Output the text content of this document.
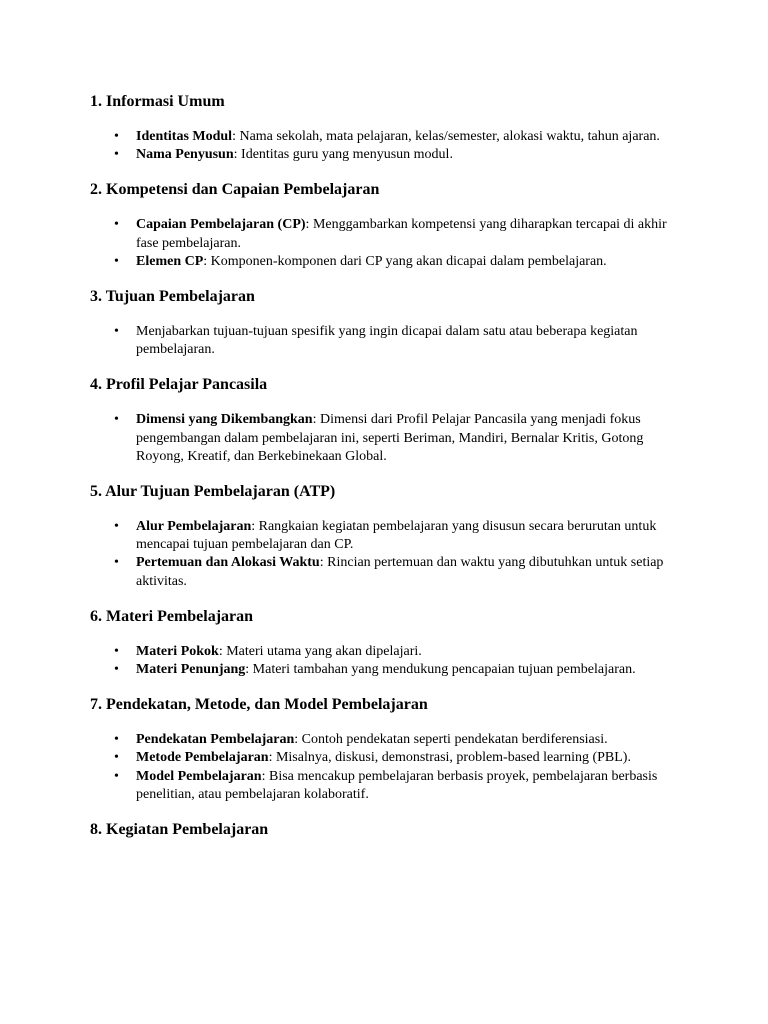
1. Informasi Umum
• Identitas Modul: Nama sekolah, mata pelajaran, kelas/semester, alokasi waktu, tahun ajaran.
• Nama Penyusun: Identitas guru yang menyusun modul.
2. Kompetensi dan Capaian Pembelajaran
• Capaian Pembelajaran (CP): Menggambarkan kompetensi yang diharapkan tercapai di akhir fase pembelajaran.
• Elemen CP: Komponen-komponen dari CP yang akan dicapai dalam pembelajaran.
3. Tujuan Pembelajaran
• Menjabarkan tujuan-tujuan spesifik yang ingin dicapai dalam satu atau beberapa kegiatan pembelajaran.
4. Profil Pelajar Pancasila
• Dimensi yang Dikembangkan: Dimensi dari Profil Pelajar Pancasila yang menjadi fokus pengembangan dalam pembelajaran ini, seperti Beriman, Mandiri, Bernalar Kritis, Gotong Royong, Kreatif, dan Berkebinekaan Global.
5. Alur Tujuan Pembelajaran (ATP)
• Alur Pembelajaran: Rangkaian kegiatan pembelajaran yang disusun secara berurutan untuk mencapai tujuan pembelajaran dan CP.
• Pertemuan dan Alokasi Waktu: Rincian pertemuan dan waktu yang dibutuhkan untuk setiap aktivitas.
6. Materi Pembelajaran
• Materi Pokok: Materi utama yang akan dipelajari.
• Materi Penunjang: Materi tambahan yang mendukung pencapaian tujuan pembelajaran.
7. Pendekatan, Metode, dan Model Pembelajaran
• Pendekatan Pembelajaran: Contoh pendekatan seperti pendekatan berdiferensiasi.
• Metode Pembelajaran: Misalnya, diskusi, demonstrasi, problem-based learning (PBL).
• Model Pembelajaran: Bisa mencakup pembelajaran berbasis proyek, pembelajaran berbasis penelitian, atau pembelajaran kolaboratif.
8. Kegiatan Pembelajaran
